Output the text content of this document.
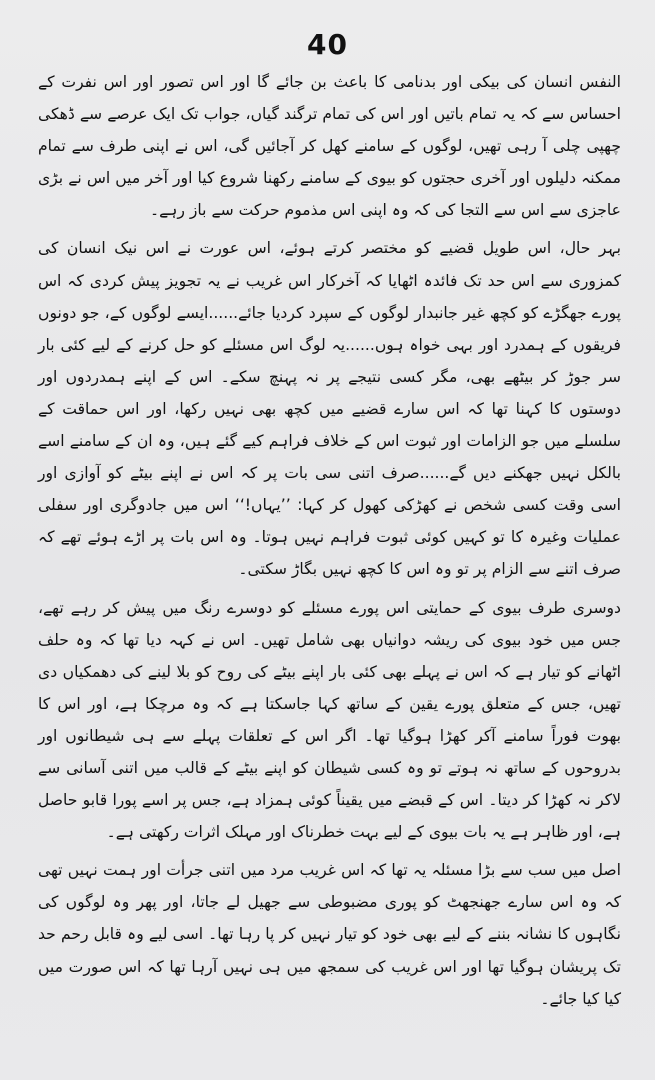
40

النفس انسان کی بیکی اور بدنامی کا باعث بن جائے گا اور اس تصور اور اس نفرت کے احساس سے کہ یہ تمام باتیں اور اس کی تمام ترگند گیاں، جواب تک ایک عرصے سے ڈھکی چھپی چلی آ رہی تھیں، لوگوں کے سامنے کھل کر آجائیں گی، اس نے اپنی طرف سے تمام ممکنہ دلیلوں اور آخری حجتوں کو بیوی کے سامنے رکھنا شروع کیا اور آخر میں اس نے بڑی عاجزی سے اس سے التجا کی کہ وہ اپنی اس مذموم حرکت سے باز رہے۔

بہر حال، اس طویل قضیے کو مختصر کرتے ہوئے، اس عورت نے اس نیک انسان کی کمزوری سے اس حد تک فائدہ اٹھایا کہ آخرکار اس غریب نے یہ تجویز پیش کردی کہ اس پورے جھگڑے کو کچھ غیر جانبدار لوگوں کے سپرد کردیا جائے......ایسے لوگوں کے، جو دونوں فریقوں کے ہمدرد اور بہی خواہ ہوں......یہ لوگ اس مسئلے کو حل کرنے کے لیے کئی بار سر جوڑ کر بیٹھے بھی، مگر کسی نتیجے پر نہ پہنچ سکے۔ اس کے اپنے ہمدردوں اور دوستوں کا کہنا تھا کہ اس سارے قضیے میں کچھ بھی نہیں رکھا، اور اس حماقت کے سلسلے میں جو الزامات اور ثبوت اس کے خلاف فراہم کیے گئے ہیں، وہ ان کے سامنے اسے بالکل نہیں جھکنے دیں گے......صرف اتنی سی بات پر کہ اس نے اپنے بیٹے کو آوازی اور اسی وقت کسی شخص نے کھڑکی کھول کر کہا: ’’یہاں!‘‘ اس میں جادوگری اور سفلی عملیات وغیرہ کا تو کہیں کوئی ثبوت فراہم نہیں ہوتا۔ وہ اس بات پر اڑے ہوئے تھے کہ صرف اتنے سے الزام پر تو وہ اس کا کچھ نہیں بگاڑ سکتی۔

دوسری طرف بیوی کے حمایتی اس پورے مسئلے کو دوسرے رنگ میں پیش کر رہے تھے، جس میں خود بیوی کی ریشہ دوانیاں بھی شامل تھیں۔ اس نے کہہ دیا تھا کہ وہ حلف اٹھانے کو تیار ہے کہ اس نے پہلے بھی کئی بار اپنے بیٹے کی روح کو بلا لینے کی دھمکیاں دی تھیں، جس کے متعلق پورے یقین کے ساتھ کہا جاسکتا ہے کہ وہ مرچکا ہے، اور اس کا بھوت فوراً سامنے آکر کھڑا ہوگیا تھا۔ اگر اس کے تعلقات پہلے سے ہی شیطانوں اور بدروحوں کے ساتھ نہ ہوتے تو وہ کسی شیطان کو اپنے بیٹے کے قالب میں اتنی آسانی سے لاکر نہ کھڑا کر دیتا۔ اس کے قبضے میں یقیناً کوئی ہمزاد ہے، جس پر اسے پورا قابو حاصل ہے، اور ظاہر ہے یہ بات بیوی کے لیے بہت خطرناک اور مہلک اثرات رکھتی ہے۔

اصل میں سب سے بڑا مسئلہ یہ تھا کہ اس غریب مرد میں اتنی جرأت اور ہمت نہیں تھی کہ وہ اس سارے جھنجھٹ کو پوری مضبوطی سے جھیل لے جاتا، اور پھر وہ لوگوں کی نگاہوں کا نشانہ بننے کے لیے بھی خود کو تیار نہیں کر پا رہا تھا۔ اسی لیے وہ قابل رحم حد تک پریشان ہوگیا تھا اور اس غریب کی سمجھ میں ہی نہیں آرہا تھا کہ اس صورت میں کیا کیا جائے۔
